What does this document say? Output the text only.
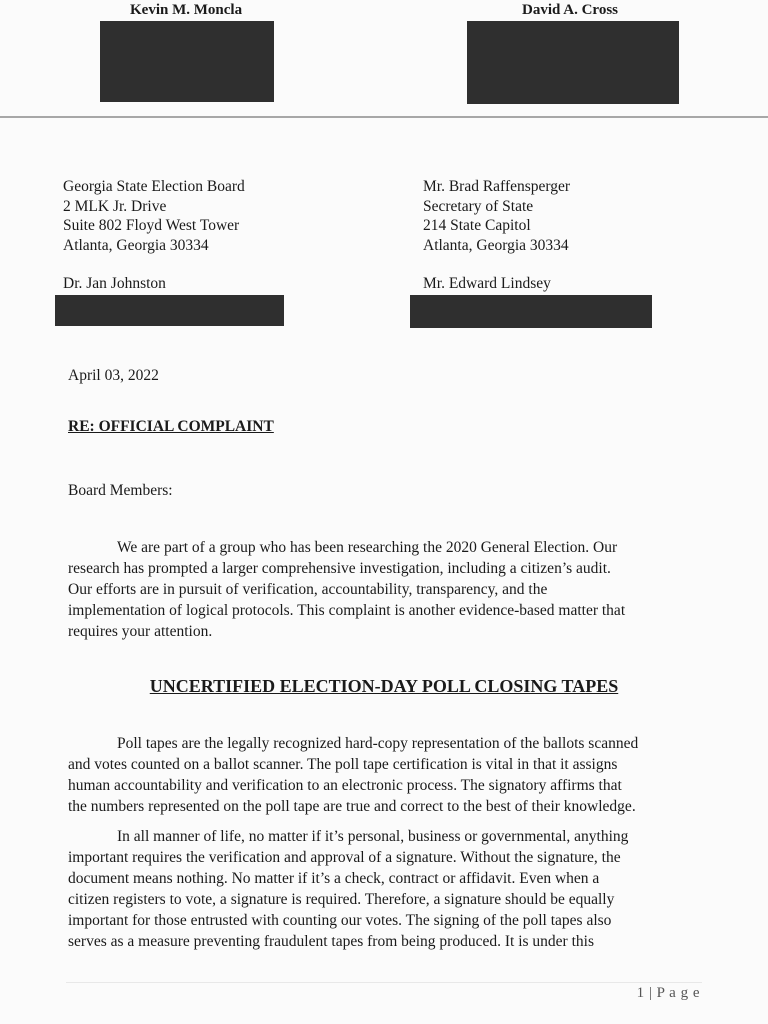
Kevin M. Moncla	David A. Cross
Georgia State Election Board
2 MLK Jr. Drive
Suite 802 Floyd West Tower
Atlanta, Georgia 30334
Mr. Brad Raffensperger
Secretary of State
214 State Capitol
Atlanta, Georgia 30334
Dr. Jan Johnston	Mr. Edward Lindsey
April 03, 2022
RE: OFFICIAL COMPLAINT
Board Members:
We are part of a group who has been researching the 2020 General Election. Our
research has prompted a larger comprehensive investigation, including a citizen’s audit.
Our efforts are in pursuit of verification, accountability, transparency, and the
implementation of logical protocols. This complaint is another evidence-based matter that
requires your attention.
UNCERTIFIED ELECTION-DAY POLL CLOSING TAPES
Poll tapes are the legally recognized hard-copy representation of the ballots scanned
and votes counted on a ballot scanner. The poll tape certification is vital in that it assigns
human accountability and verification to an electronic process. The signatory affirms that
the numbers represented on the poll tape are true and correct to the best of their knowledge.
In all manner of life, no matter if it’s personal, business or governmental, anything
important requires the verification and approval of a signature. Without the signature, the
document means nothing. No matter if it’s a check, contract or affidavit. Even when a
citizen registers to vote, a signature is required. Therefore, a signature should be equally
important for those entrusted with counting our votes. The signing of the poll tapes also
serves as a measure preventing fraudulent tapes from being produced. It is under this
1 | P a g e
